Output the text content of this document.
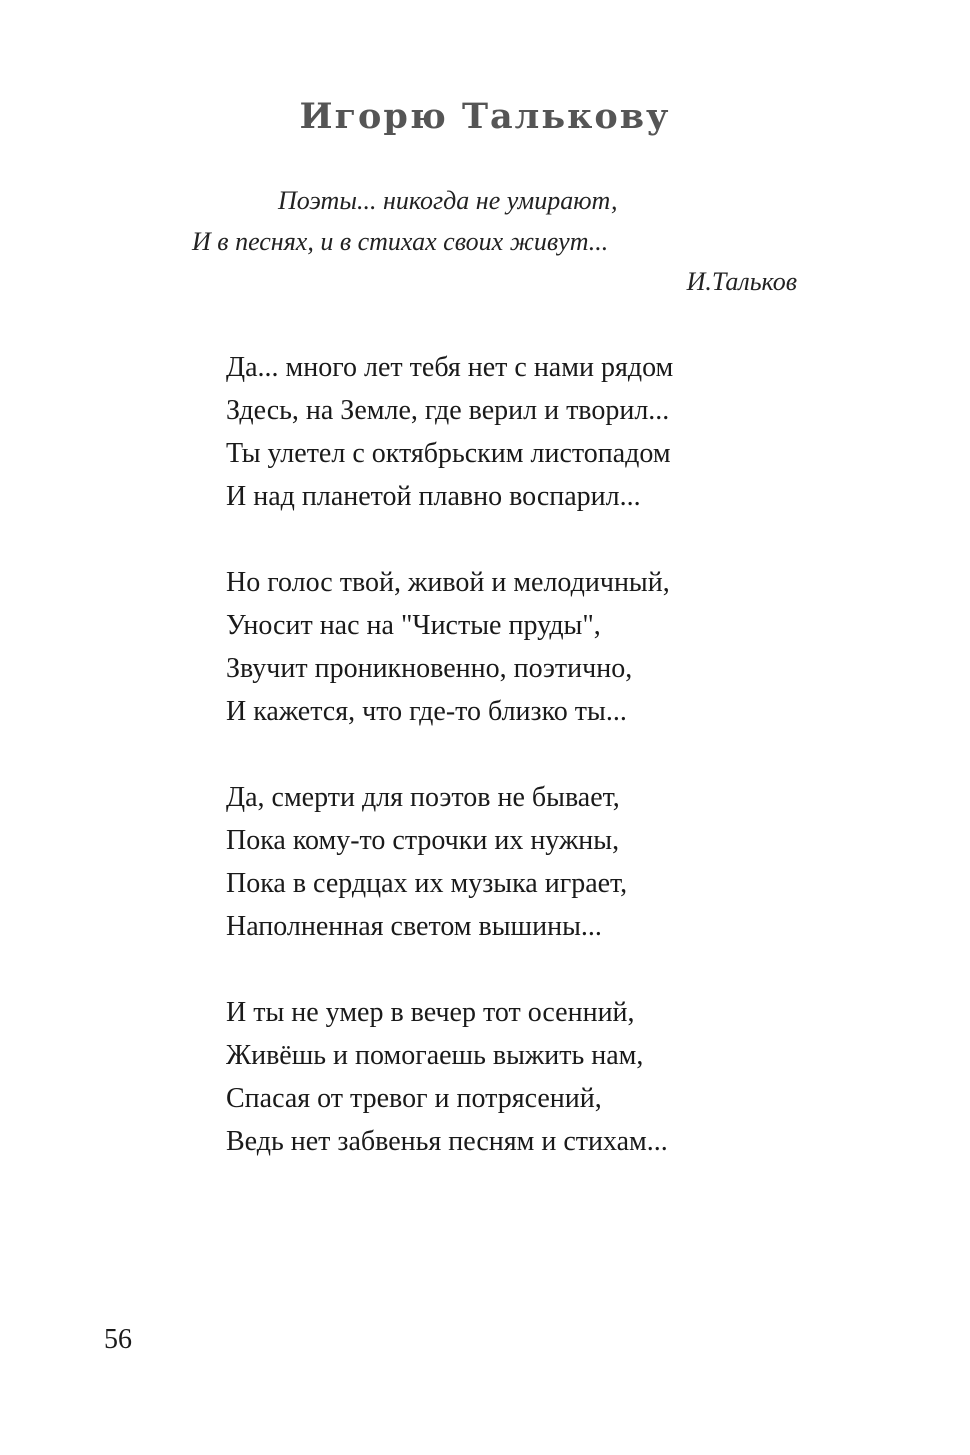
Игорю Талькову
Поэты... никогда не умирают,
И в песнях, и в стихах своих живут...
И.Тальков
Да... много лет тебя нет с нами рядом
Здесь, на Земле, где верил и творил...
Ты улетел с октябрьским листопадом
И над планетой плавно воспарил...
Но голос твой, живой и мелодичный,
Уносит нас на "Чистые пруды",
Звучит проникновенно, поэтично,
И кажется, что где-то близко ты...
Да, смерти для поэтов не бывает,
Пока кому-то строчки их нужны,
Пока в сердцах их музыка играет,
Наполненная светом вышины...
И ты не умер в вечер тот осенний,
Живёшь и помогаешь выжить нам,
Спасая от тревог и потрясений,
Ведь нет забвенья песням и стихам...
56
